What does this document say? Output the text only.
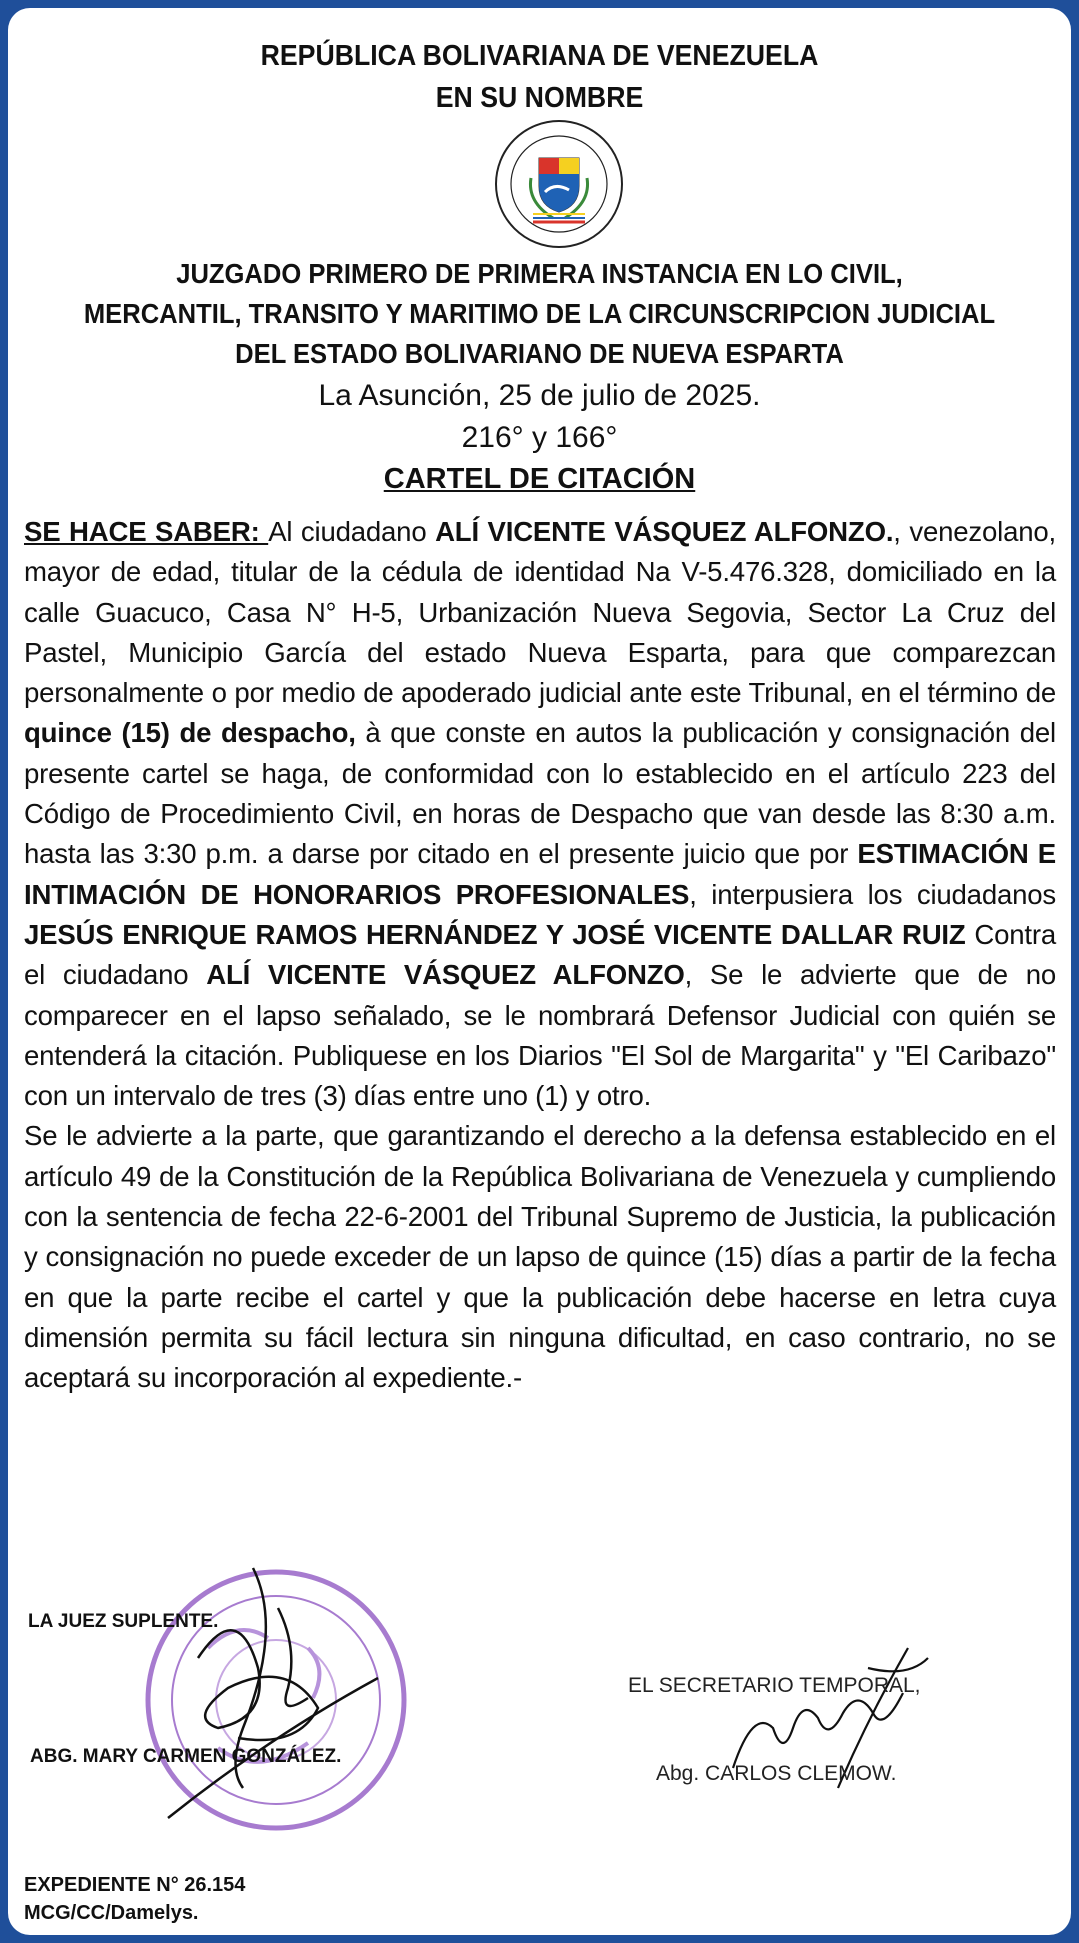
REPÚBLICA BOLIVARIANA DE VENEZUELA
EN SU NOMBRE
JUZGADO PRIMERO DE PRIMERA INSTANCIA EN LO CIVIL,
MERCANTIL, TRANSITO Y MARITIMO DE LA CIRCUNSCRIPCION JUDICIAL
DEL ESTADO BOLIVARIANO DE NUEVA ESPARTA
La Asunción, 25 de julio de 2025.
216° y 166°
CARTEL DE CITACIÓN

SE HACE SABER: Al ciudadano ALÍ VICENTE VÁSQUEZ ALFONZO., venezolano, mayor de edad, titular de la cédula de identidad Na V-5.476.328, domiciliado en la calle Guacuco, Casa N° H-5, Urbanización Nueva Segovia, Sector La Cruz del Pastel, Municipio García del estado Nueva Esparta, para que comparezcan personalmente o por medio de apoderado judicial ante este Tribunal, en el término de quince (15) de despacho, à que conste en autos la publicación y consignación del presente cartel se haga, de conformidad con lo establecido en el artículo 223 del Código de Procedimiento Civil, en horas de Despacho que van desde las 8:30 a.m. hasta las 3:30 p.m. a darse por citado en el presente juicio que por ESTIMACIÓN E INTIMACIÓN DE HONORARIOS PROFESIONALES, interpusiera los ciudadanos JESÚS ENRIQUE RAMOS HERNÁNDEZ Y JOSÉ VICENTE DALLAR RUIZ Contra el ciudadano ALÍ VICENTE VÁSQUEZ ALFONZO, Se le advierte que de no comparecer en el lapso señalado, se le nombrará Defensor Judicial con quién se entenderá la citación. Publiquese en los Diarios "El Sol de Margarita" y "El Caribazo" con un intervalo de tres (3) días entre uno (1) y otro.

Se le advierte a la parte, que garantizando el derecho a la defensa establecido en el artículo 49 de la Constitución de la República Bolivariana de Venezuela y cumpliendo con la sentencia de fecha 22-6-2001 del Tribunal Supremo de Justicia, la publicación y consignación no puede exceder de un lapso de quince (15) días a partir de la fecha en que la parte recibe el cartel y que la publicación debe hacerse en letra cuya dimensión permita su fácil lectura sin ninguna dificultad, en caso contrario, no se aceptará su incorporación al expediente.-

LA JUEZ SUPLENTE.
ABG. MARY CARMEN GONZÁLEZ.
EL SECRETARIO TEMPORAL,
Abg. CARLOS CLEMOW.
EXPEDIENTE N° 26.154
MCG/CC/Damelys.
